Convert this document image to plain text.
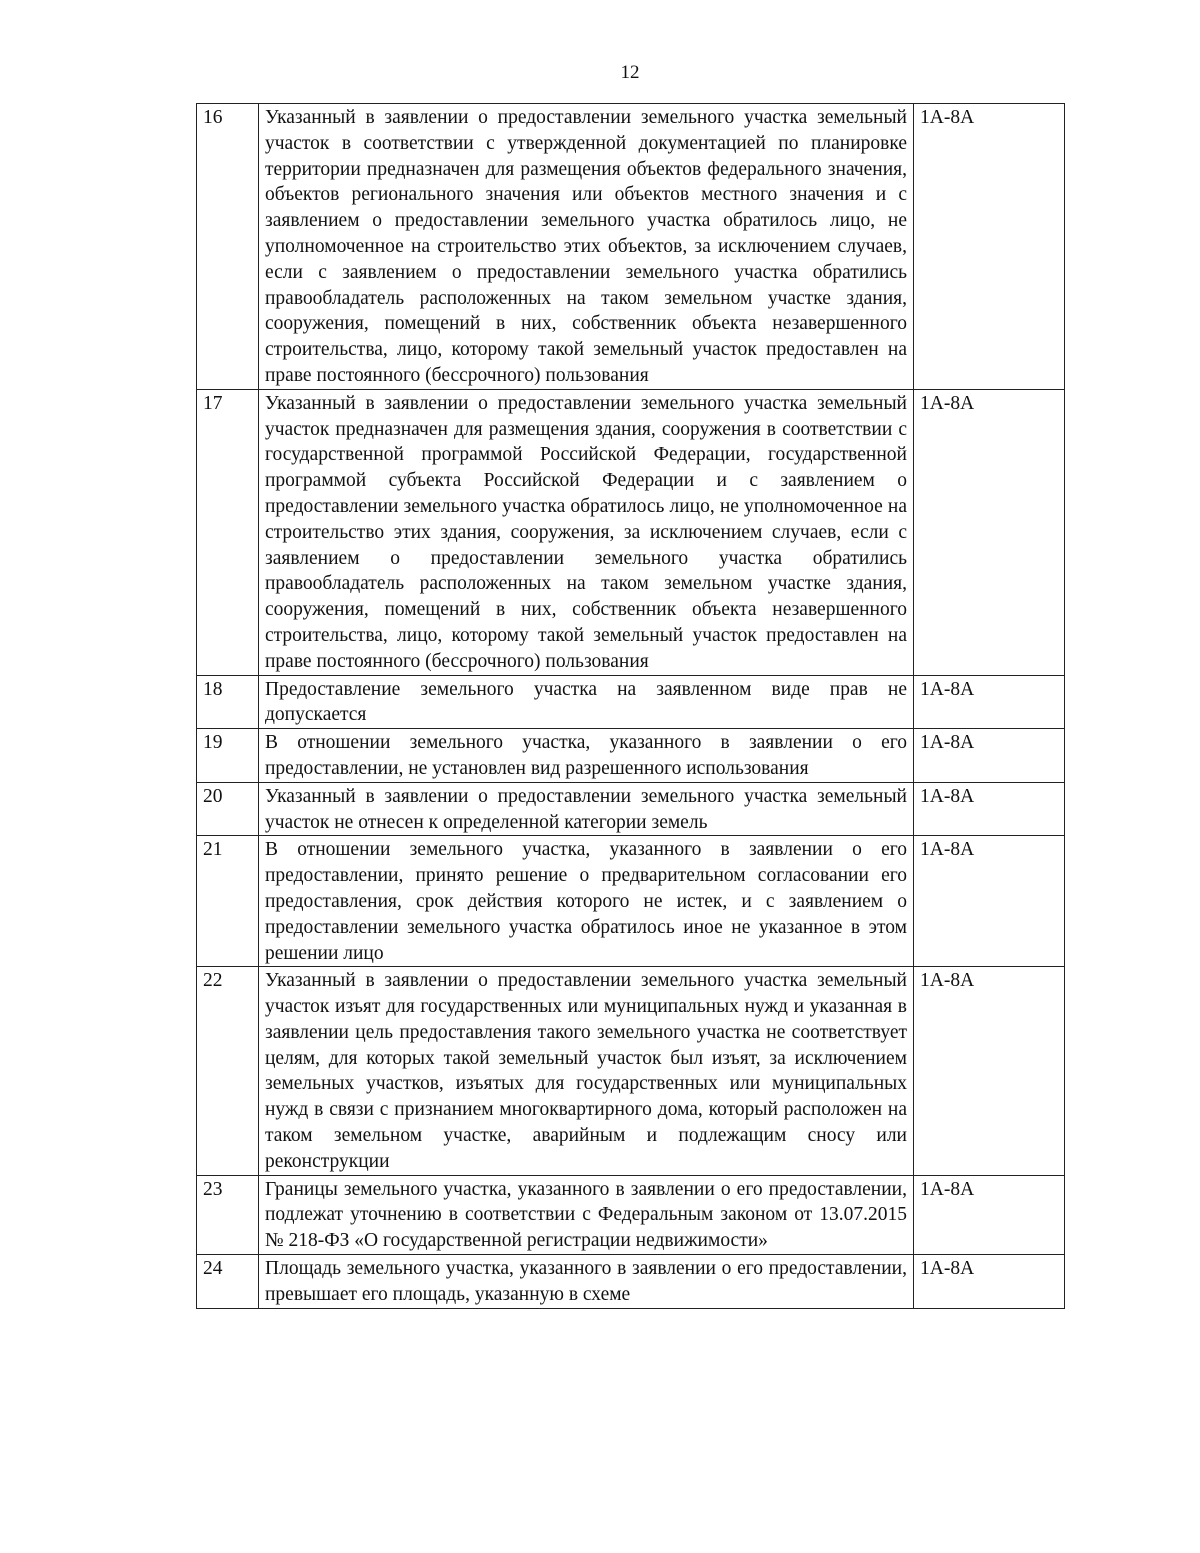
12
16	Указанный в заявлении о предоставлении земельного участка земельный участок в соответствии с утвержденной документацией по планировке территории предназначен для размещения объектов федерального значения, объектов регионального значения или объектов местного значения и с заявлением о предоставлении земельного участка обратилось лицо, не уполномоченное на строительство этих объектов, за исключением случаев, если с заявлением о предоставлении земельного участка обратились правообладатель расположенных на таком земельном участке здания, сооружения, помещений в них, собственник объекта незавершенного строительства, лицо, которому такой земельный участок предоставлен на праве постоянного (бессрочного) пользования	1А-8А
17	Указанный в заявлении о предоставлении земельного участка земельный участок предназначен для размещения здания, сооружения в соответствии с государственной программой Российской Федерации, государственной программой субъекта Российской Федерации и с заявлением о предоставлении земельного участка обратилось лицо, не уполномоченное на строительство этих здания, сооружения, за исключением случаев, если с заявлением о предоставлении земельного участка обратились правообладатель расположенных на таком земельном участке здания, сооружения, помещений в них, собственник объекта незавершенного строительства, лицо, которому такой земельный участок предоставлен на праве постоянного (бессрочного) пользования	1А-8А
18	Предоставление земельного участка на заявленном виде прав не допускается	1А-8А
19	В отношении земельного участка, указанного в заявлении о его предоставлении, не установлен вид разрешенного использования	1А-8А
20	Указанный в заявлении о предоставлении земельного участка земельный участок не отнесен к определенной категории земель	1А-8А
21	В отношении земельного участка, указанного в заявлении о его предоставлении, принято решение о предварительном согласовании его предоставления, срок действия которого не истек, и с заявлением о предоставлении земельного участка обратилось иное не указанное в этом решении лицо	1А-8А
22	Указанный в заявлении о предоставлении земельного участка земельный участок изъят для государственных или муниципальных нужд и указанная в заявлении цель предоставления такого земельного участка не соответствует целям, для которых такой земельный участок был изъят, за исключением земельных участков, изъятых для государственных или муниципальных нужд в связи с признанием многоквартирного дома, который расположен на таком земельном участке, аварийным и подлежащим сносу или реконструкции	1А-8А
23	Границы земельного участка, указанного в заявлении о его предоставлении, подлежат уточнению в соответствии с Федеральным законом от 13.07.2015 № 218-ФЗ «О государственной регистрации недвижимости»	1А-8А
24	Площадь земельного участка, указанного в заявлении о его предоставлении, превышает его площадь, указанную в схеме	1А-8А
